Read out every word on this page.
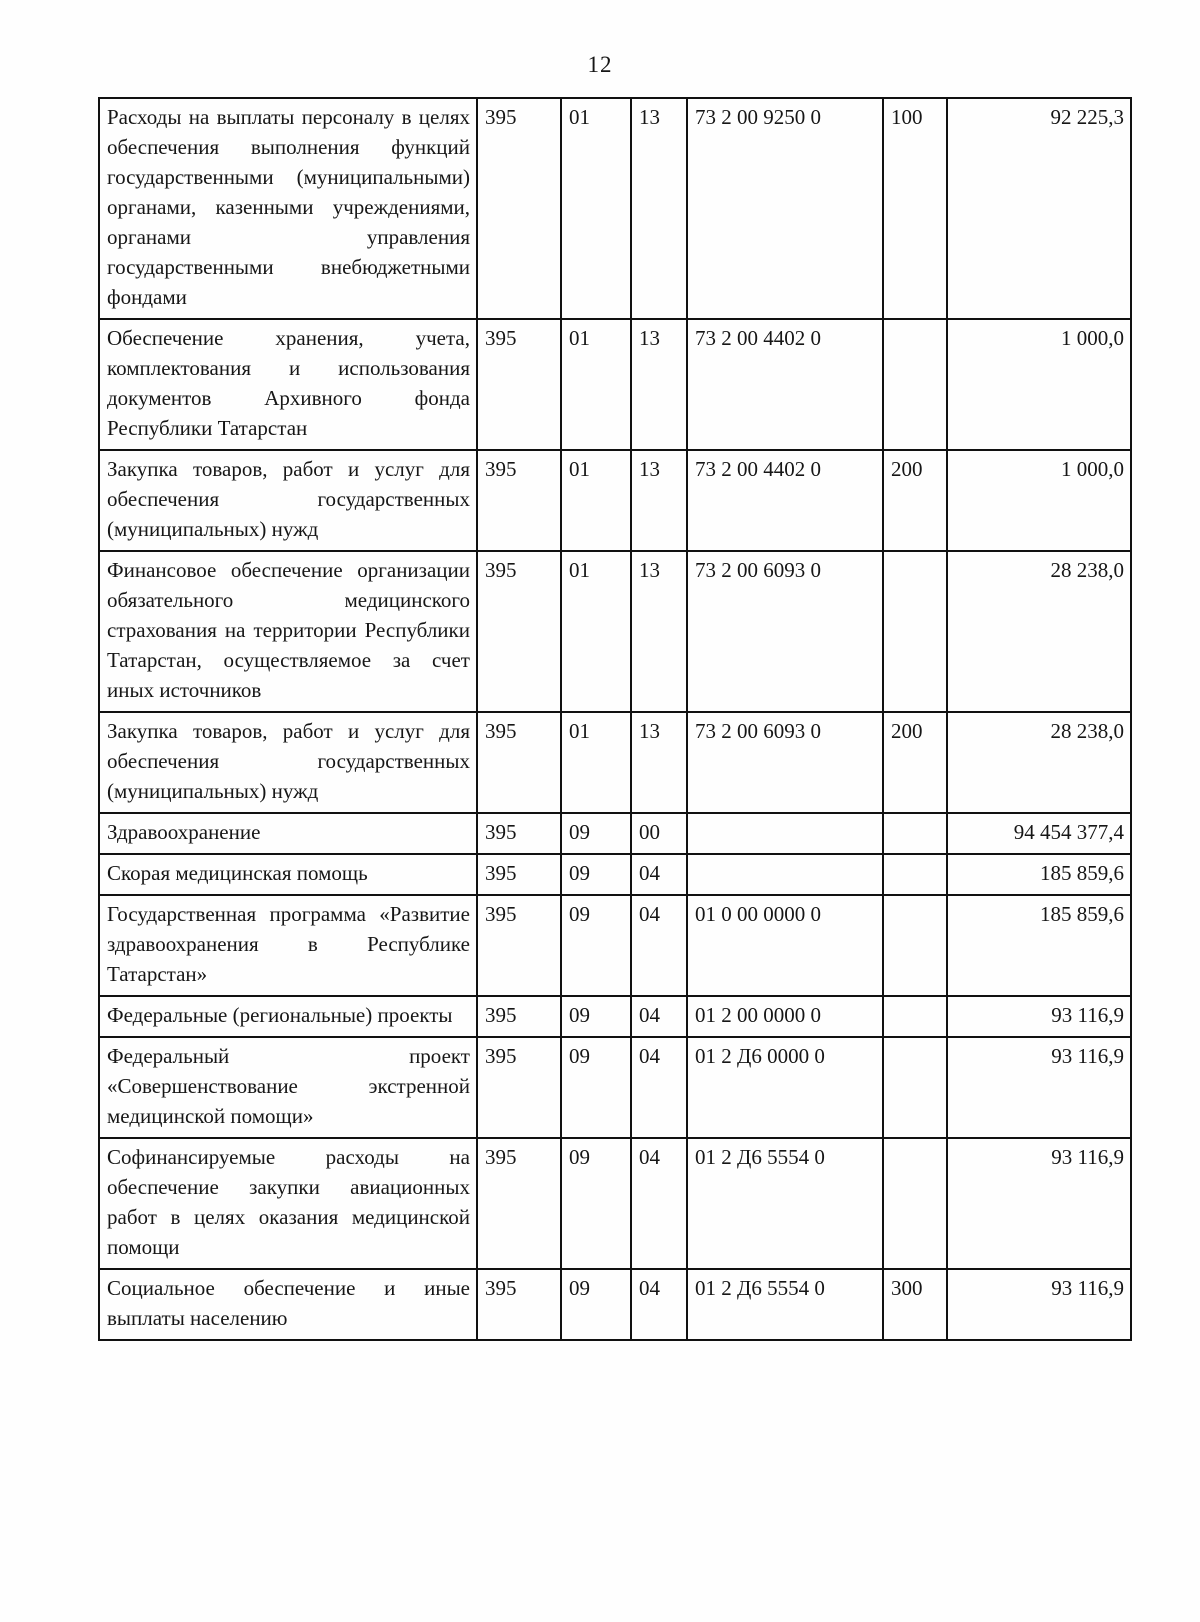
12
Расходы на выплаты персоналу в целях обеспечения выполнения функций государственными (муниципальными) органами, казенными учреждениями, органами управления государственными внебюджетными фондами	395	01	13	73 2 00 9250 0	100	92 225,3
Обеспечение хранения, учета, комплектования и использования документов Архивного фонда Республики Татарстан	395	01	13	73 2 00 4402 0		1 000,0
Закупка товаров, работ и услуг для обеспечения государственных (муниципальных) нужд	395	01	13	73 2 00 4402 0	200	1 000,0
Финансовое обеспечение организации обязательного медицинского страхования на территории Республики Татарстан, осуществляемое за счет иных источников	395	01	13	73 2 00 6093 0		28 238,0
Закупка товаров, работ и услуг для обеспечения государственных (муниципальных) нужд	395	01	13	73 2 00 6093 0	200	28 238,0
Здравоохранение	395	09	00			94 454 377,4
Скорая медицинская помощь	395	09	04			185 859,6
Государственная программа «Развитие здравоохранения в Республике Татарстан»	395	09	04	01 0 00 0000 0		185 859,6
Федеральные (региональные) проекты	395	09	04	01 2 00 0000 0		93 116,9
Федеральный проект «Совершенствование экстренной медицинской помощи»	395	09	04	01 2 Д6 0000 0		93 116,9
Софинансируемые расходы на обеспечение закупки авиационных работ в целях оказания медицинской помощи	395	09	04	01 2 Д6 5554 0		93 116,9
Социальное обеспечение и иные выплаты населению	395	09	04	01 2 Д6 5554 0	300	93 116,9
